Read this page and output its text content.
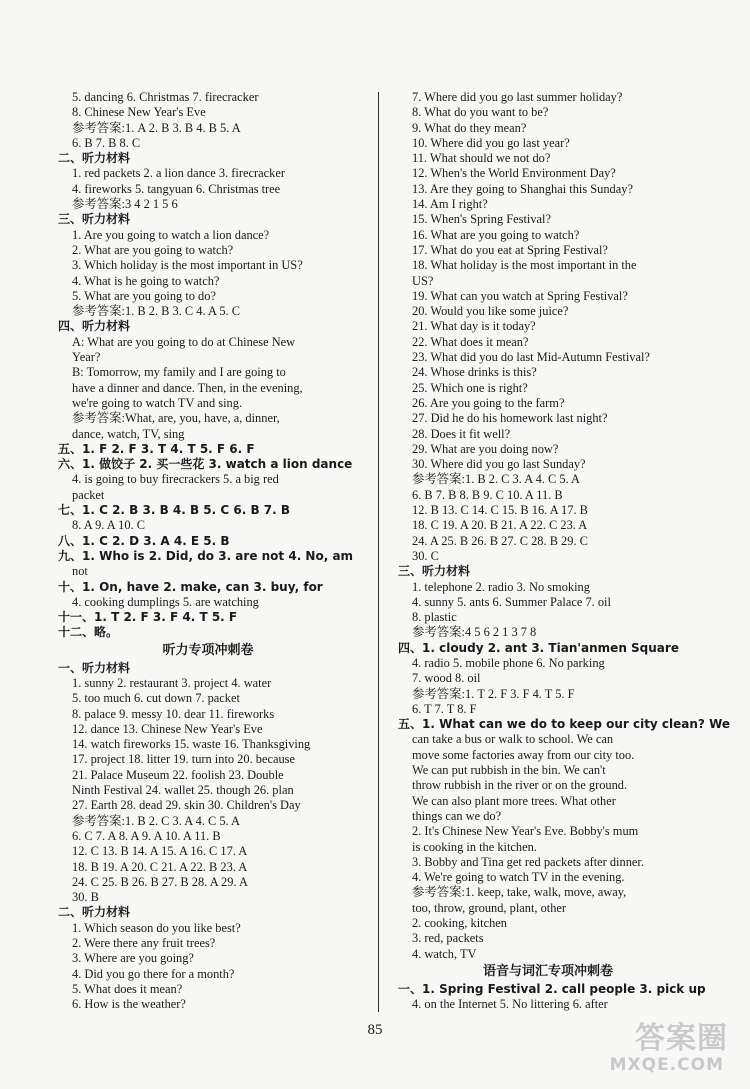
5. dancing 6. Christmas 7. firecracker
8. Chinese New Year's Eve
参考答案:1. A 2. B 3. B 4. B 5. A
6. B 7. B 8. C
二、听力材料
1. red packets 2. a lion dance 3. firecracker
4. fireworks 5. tangyuan 6. Christmas tree
参考答案:3 4 2 1 5 6
三、听力材料
1. Are you going to watch a lion dance?
2. What are you going to watch?
3. Which holiday is the most important in US?
4. What is he going to watch?
5. What are you going to do?
参考答案:1. B 2. B 3. C 4. A 5. C
四、听力材料
A: What are you going to do at Chinese New
Year?
B: Tomorrow, my family and I are going to
have a dinner and dance. Then, in the evening,
we're going to watch TV and sing.
参考答案:What, are, you, have, a, dinner,
dance, watch, TV, sing
五、1. F 2. F 3. T 4. T 5. F 6. F
六、1. 做饺子 2. 买一些花 3. watch a lion dance
4. is going to buy firecrackers 5. a big red
packet
七、1. C 2. B 3. B 4. B 5. C 6. B 7. B
8. A 9. A 10. C
八、1. C 2. D 3. A 4. E 5. B
九、1. Who is 2. Did, do 3. are not 4. No, am
not
十、1. On, have 2. make, can 3. buy, for
4. cooking dumplings 5. are watching
十一、1. T 2. F 3. F 4. T 5. F
十二、略。
听力专项冲刺卷
一、听力材料
1. sunny 2. restaurant 3. project 4. water
5. too much 6. cut down 7. packet
8. palace 9. messy 10. dear 11. fireworks
12. dance 13. Chinese New Year's Eve
14. watch fireworks 15. waste 16. Thanksgiving
17. project 18. litter 19. turn into 20. because
21. Palace Museum 22. foolish 23. Double
Ninth Festival 24. wallet 25. though 26. plan
27. Earth 28. dead 29. skin 30. Children's Day
参考答案:1. B 2. C 3. A 4. C 5. A
6. C 7. A 8. A 9. A 10. A 11. B
12. C 13. B 14. A 15. A 16. C 17. A
18. B 19. A 20. C 21. A 22. B 23. A
24. C 25. B 26. B 27. B 28. A 29. A
30. B
二、听力材料
1. Which season do you like best?
2. Were there any fruit trees?
3. Where are you going?
4. Did you go there for a month?
5. What does it mean?
6. How is the weather?
7. Where did you go last summer holiday?
8. What do you want to be?
9. What do they mean?
10. Where did you go last year?
11. What should we not do?
12. When's the World Environment Day?
13. Are they going to Shanghai this Sunday?
14. Am I right?
15. When's Spring Festival?
16. What are you going to watch?
17. What do you eat at Spring Festival?
18. What holiday is the most important in the
US?
19. What can you watch at Spring Festival?
20. Would you like some juice?
21. What day is it today?
22. What does it mean?
23. What did you do last Mid-Autumn Festival?
24. Whose drinks is this?
25. Which one is right?
26. Are you going to the farm?
27. Did he do his homework last night?
28. Does it fit well?
29. What are you doing now?
30. Where did you go last Sunday?
参考答案:1. B 2. C 3. A 4. C 5. A
6. B 7. B 8. B 9. C 10. A 11. B
12. B 13. C 14. C 15. B 16. A 17. B
18. C 19. A 20. B 21. A 22. C 23. A
24. A 25. B 26. B 27. C 28. B 29. C
30. C
三、听力材料
1. telephone 2. radio 3. No smoking
4. sunny 5. ants 6. Summer Palace 7. oil
8. plastic
参考答案:4 5 6 2 1 3 7 8
四、1. cloudy 2. ant 3. Tian'anmen Square
4. radio 5. mobile phone 6. No parking
7. wood 8. oil
参考答案:1. T 2. F 3. F 4. T 5. F
6. T 7. T 8. F
五、1. What can we do to keep our city clean? We
can take a bus or walk to school. We can
move some factories away from our city too.
We can put rubbish in the bin. We can't
throw rubbish in the river or on the ground.
We can also plant more trees. What other
things can we do?
2. It's Chinese New Year's Eve. Bobby's mum
is cooking in the kitchen.
3. Bobby and Tina get red packets after dinner.
4. We're going to watch TV in the evening.
参考答案:1. keep, take, walk, move, away,
too, throw, ground, plant, other
2. cooking, kitchen
3. red, packets
4. watch, TV
语音与词汇专项冲刺卷
一、1. Spring Festival 2. call people 3. pick up
4. on the Internet 5. No littering 6. after
85	答案圈
MXQE.COM
